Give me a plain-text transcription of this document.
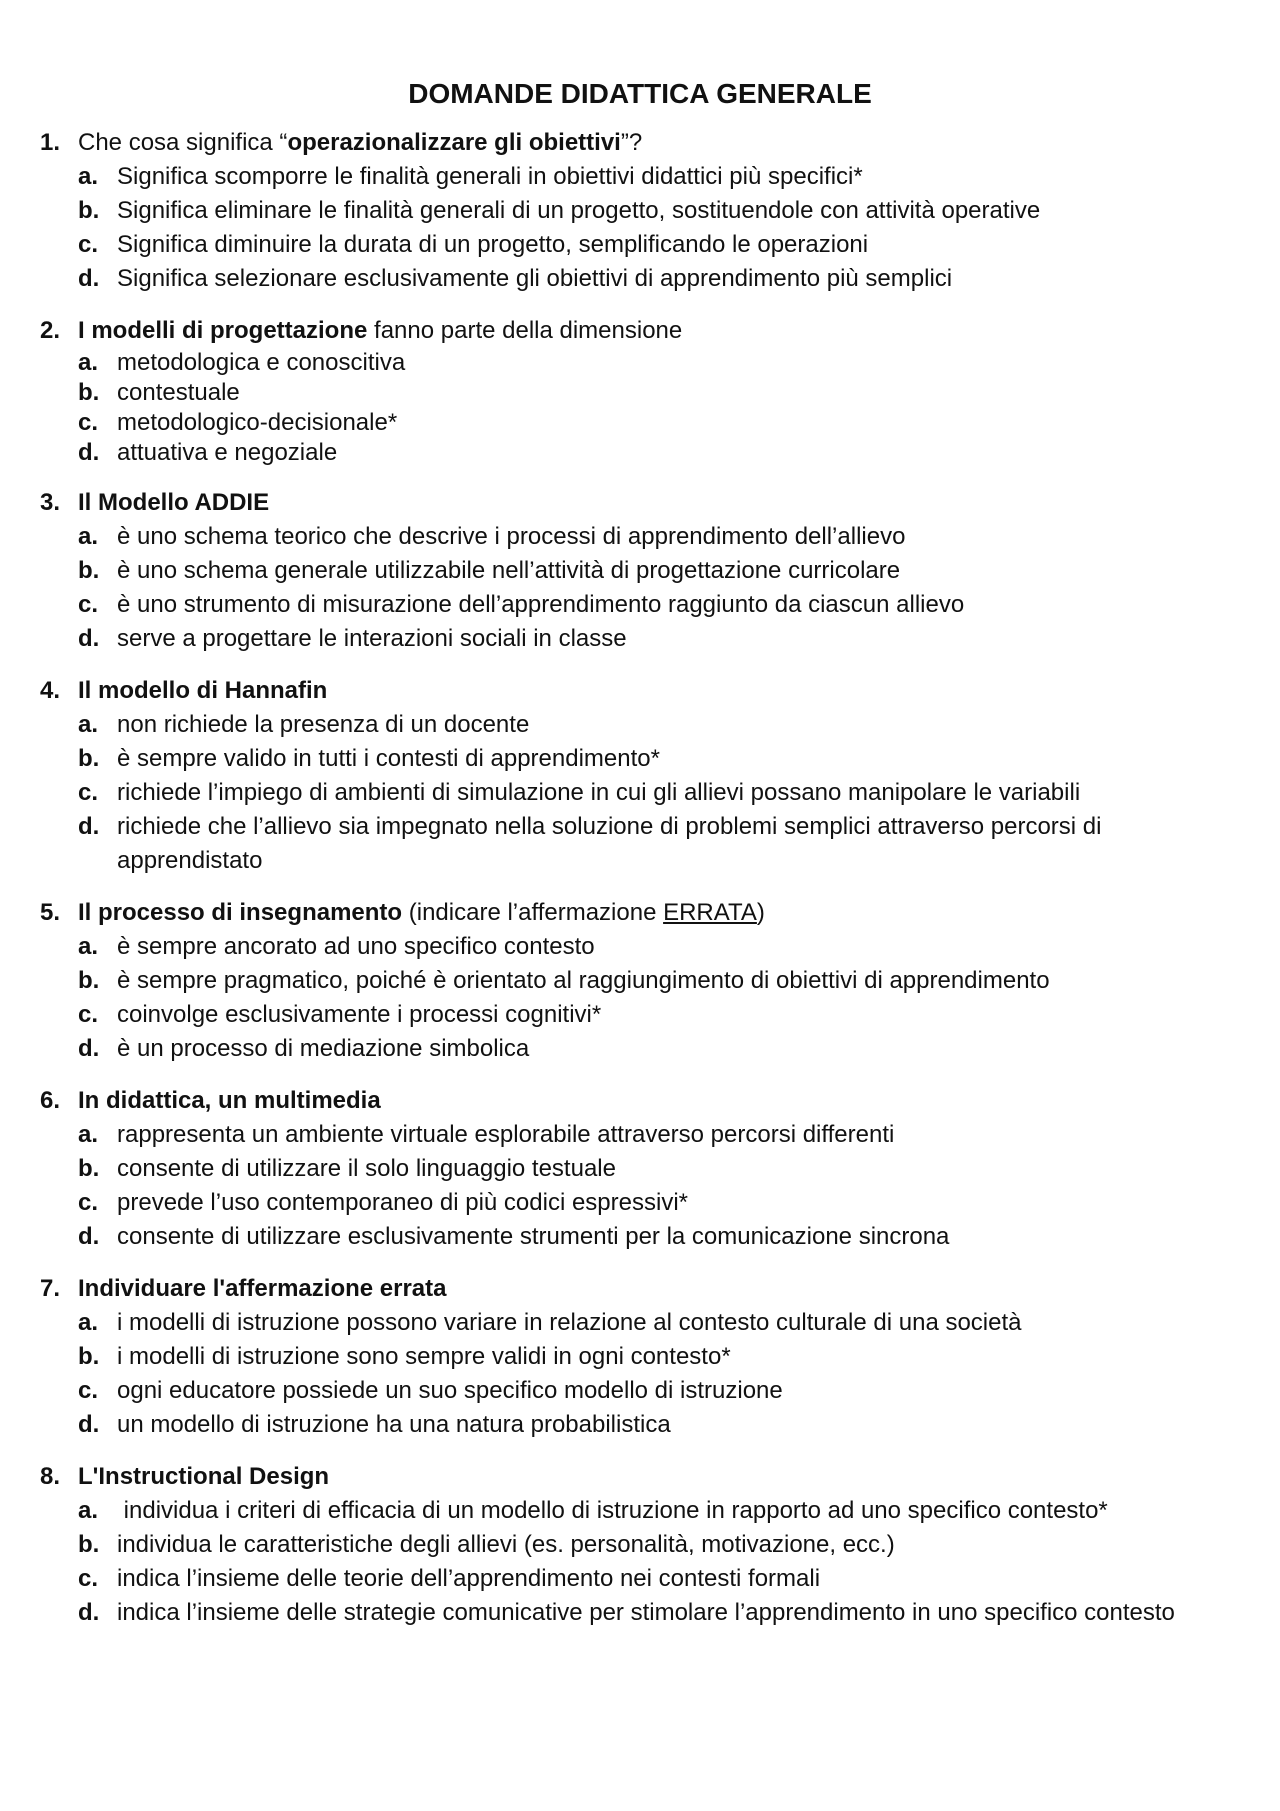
DOMANDE DIDATTICA GENERALE
1. Che cosa significa “operazionalizzare gli obiettivi”?
a. Significa scomporre le finalità generali in obiettivi didattici più specifici*
b. Significa eliminare le finalità generali di un progetto, sostituendole con attività operative
c. Significa diminuire la durata di un progetto, semplificando le operazioni
d. Significa selezionare esclusivamente gli obiettivi di apprendimento più semplici
2. I modelli di progettazione fanno parte della dimensione
a. metodologica e conoscitiva
b. contestuale
c. metodologico-decisionale*
d. attuativa e negoziale
3. Il Modello ADDIE
a. è uno schema teorico che descrive i processi di apprendimento dell’allievo
b. è uno schema generale utilizzabile nell’attività di progettazione curricolare
c. è uno strumento di misurazione dell’apprendimento raggiunto da ciascun allievo
d. serve a progettare le interazioni sociali in classe
4. Il modello di Hannafin
a. non richiede la presenza di un docente
b. è sempre valido in tutti i contesti di apprendimento*
c. richiede l’impiego di ambienti di simulazione in cui gli allievi possano manipolare le variabili
d. richiede che l’allievo sia impegnato nella soluzione di problemi semplici attraverso percorsi di apprendistato
5. Il processo di insegnamento (indicare l’affermazione ERRATA)
a. è sempre ancorato ad uno specifico contesto
b. è sempre pragmatico, poiché è orientato al raggiungimento di obiettivi di apprendimento
c. coinvolge esclusivamente i processi cognitivi*
d. è un processo di mediazione simbolica
6. In didattica, un multimedia
a. rappresenta un ambiente virtuale esplorabile attraverso percorsi differenti
b. consente di utilizzare il solo linguaggio testuale
c. prevede l’uso contemporaneo di più codici espressivi*
d. consente di utilizzare esclusivamente strumenti per la comunicazione sincrona
7. Individuare l'affermazione errata
a. i modelli di istruzione possono variare in relazione al contesto culturale di una società
b. i modelli di istruzione sono sempre validi in ogni contesto*
c. ogni educatore possiede un suo specifico modello di istruzione
d. un modello di istruzione ha una natura probabilistica
8. L'Instructional Design
a. individua i criteri di efficacia di un modello di istruzione in rapporto ad uno specifico contesto*
b. individua le caratteristiche degli allievi (es. personalità, motivazione, ecc.)
c. indica l’insieme delle teorie dell’apprendimento nei contesti formali
d. indica l’insieme delle strategie comunicative per stimolare l’apprendimento in uno specifico contesto
